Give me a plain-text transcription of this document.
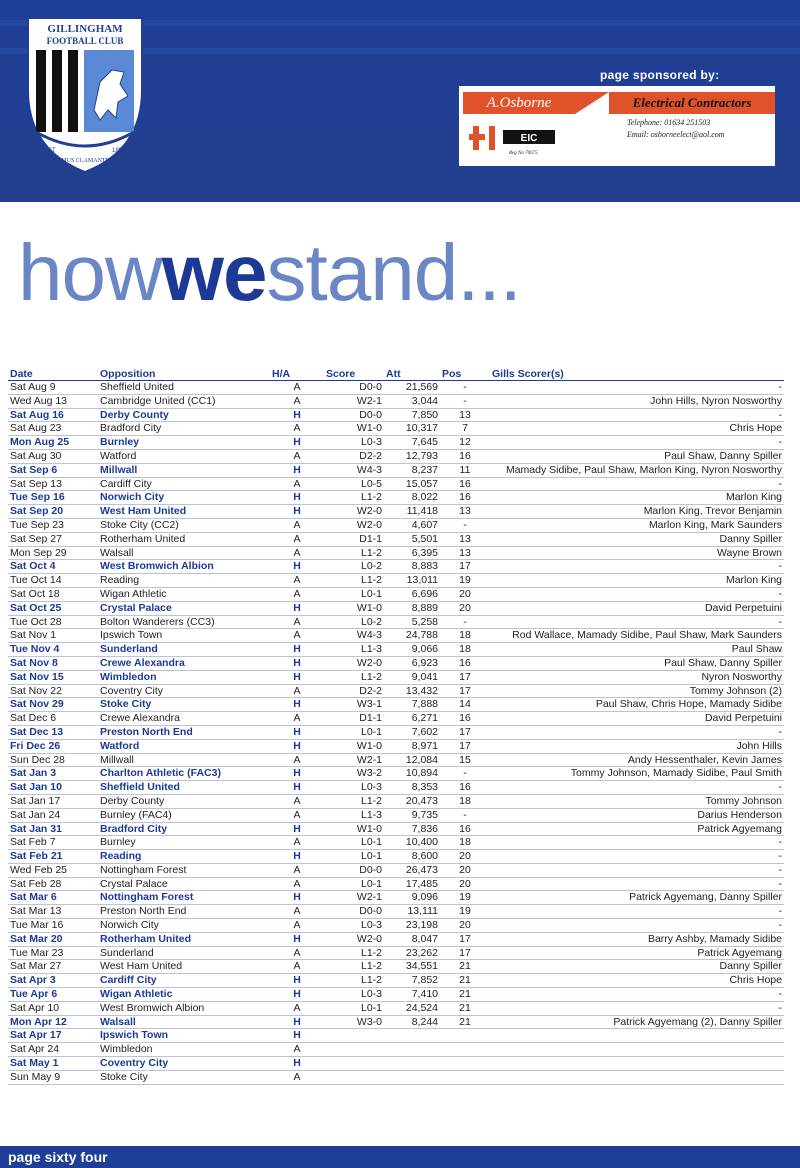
GILLINGHAM
FOOTBALL CLUB
EST	1893
DOMUS CLAMANTIUM
page sponsored by:
A.Osborne	Electrical Contractors
EIC
Reg No 70675
Telephone: 01634 251503
Email: osborneelect@aol.com
howwestand...
Date	Opposition	H/A	Score	Att	Pos	Gills Scorer(s)
Sat Aug 9	Sheffield United	A	D0-0	21,569	-	-
Wed Aug 13	Cambridge United (CC1)	A	W2-1	3,044	-	John Hills, Nyron Nosworthy
Sat Aug 16	Derby County	H	D0-0	7,850	13	-
Sat Aug 23	Bradford City	A	W1-0	10,317	7	Chris Hope
Mon Aug 25	Burnley	H	L0-3	7,645	12	-
Sat Aug 30	Watford	A	D2-2	12,793	16	Paul Shaw, Danny Spiller
Sat Sep 6	Millwall	H	W4-3	8,237	11	Mamady Sidibe, Paul Shaw, Marlon King, Nyron Nosworthy
Sat Sep 13	Cardiff City	A	L0-5	15,057	16	-
Tue Sep 16	Norwich City	H	L1-2	8,022	16	Marlon King
Sat Sep 20	West Ham United	H	W2-0	11,418	13	Marlon King, Trevor Benjamin
Tue Sep 23	Stoke City (CC2)	A	W2-0	4,607	-	Marlon King, Mark Saunders
Sat Sep 27	Rotherham United	A	D1-1	5,501	13	Danny Spiller
Mon Sep 29	Walsall	A	L1-2	6,395	13	Wayne Brown
Sat Oct 4	West Bromwich Albion	H	L0-2	8,883	17	-
Tue Oct 14	Reading	A	L1-2	13,011	19	Marlon King
Sat Oct 18	Wigan Athletic	A	L0-1	6,696	20	-
Sat Oct 25	Crystal Palace	H	W1-0	8,889	20	David Perpetuini
Tue Oct 28	Bolton Wanderers (CC3)	A	L0-2	5,258	-	-
Sat Nov 1	Ipswich Town	A	W4-3	24,788	18	Rod Wallace, Mamady Sidibe, Paul Shaw, Mark Saunders
Tue Nov 4	Sunderland	H	L1-3	9,066	18	Paul Shaw
Sat Nov 8	Crewe Alexandra	H	W2-0	6,923	16	Paul Shaw, Danny Spiller
Sat Nov 15	Wimbledon	H	L1-2	9,041	17	Nyron Nosworthy
Sat Nov 22	Coventry City	A	D2-2	13,432	17	Tommy Johnson (2)
Sat Nov 29	Stoke City	H	W3-1	7,888	14	Paul Shaw, Chris Hope, Mamady Sidibe
Sat Dec 6	Crewe Alexandra	A	D1-1	6,271	16	David Perpetuini
Sat Dec 13	Preston North End	H	L0-1	7,602	17	-
Fri Dec 26	Watford	H	W1-0	8,971	17	John Hills
Sun Dec 28	Millwall	A	W2-1	12,084	15	Andy Hessenthaler, Kevin James
Sat Jan 3	Charlton Athletic (FAC3)	H	W3-2	10,894	-	Tommy Johnson, Mamady Sidibe, Paul Smith
Sat Jan 10	Sheffield United	H	L0-3	8,353	16	-
Sat Jan 17	Derby County	A	L1-2	20,473	18	Tommy Johnson
Sat Jan 24	Burnley (FAC4)	A	L1-3	9,735	-	Darius Henderson
Sat Jan 31	Bradford City	H	W1-0	7,836	16	Patrick Agyemang
Sat Feb 7	Burnley	A	L0-1	10,400	18	-
Sat Feb 21	Reading	H	L0-1	8,600	20	-
Wed Feb 25	Nottingham Forest	A	D0-0	26,473	20	-
Sat Feb 28	Crystal Palace	A	L0-1	17,485	20	-
Sat Mar 6	Nottingham Forest	H	W2-1	9,096	19	Patrick Agyemang, Danny Spiller
Sat Mar 13	Preston North End	A	D0-0	13,111	19	-
Tue Mar 16	Norwich City	A	L0-3	23,198	20	-
Sat Mar 20	Rotherham United	H	W2-0	8,047	17	Barry Ashby, Mamady Sidibe
Tue Mar 23	Sunderland	A	L1-2	23,262	17	Patrick Agyemang
Sat Mar 27	West Ham United	A	L1-2	34,551	21	Danny Spiller
Sat Apr 3	Cardiff City	H	L1-2	7,852	21	Chris Hope
Tue Apr 6	Wigan Athletic	H	L0-3	7,410	21	-
Sat Apr 10	West Bromwich Albion	A	L0-1	24,524	21	-
Mon Apr 12	Walsall	H	W3-0	8,244	21	Patrick Agyemang (2), Danny Spiller
Sat Apr 17	Ipswich Town	H				
Sat Apr 24	Wimbledon	A				
Sat May 1	Coventry City	H				
Sun May 9	Stoke City	A				
page sixty four
